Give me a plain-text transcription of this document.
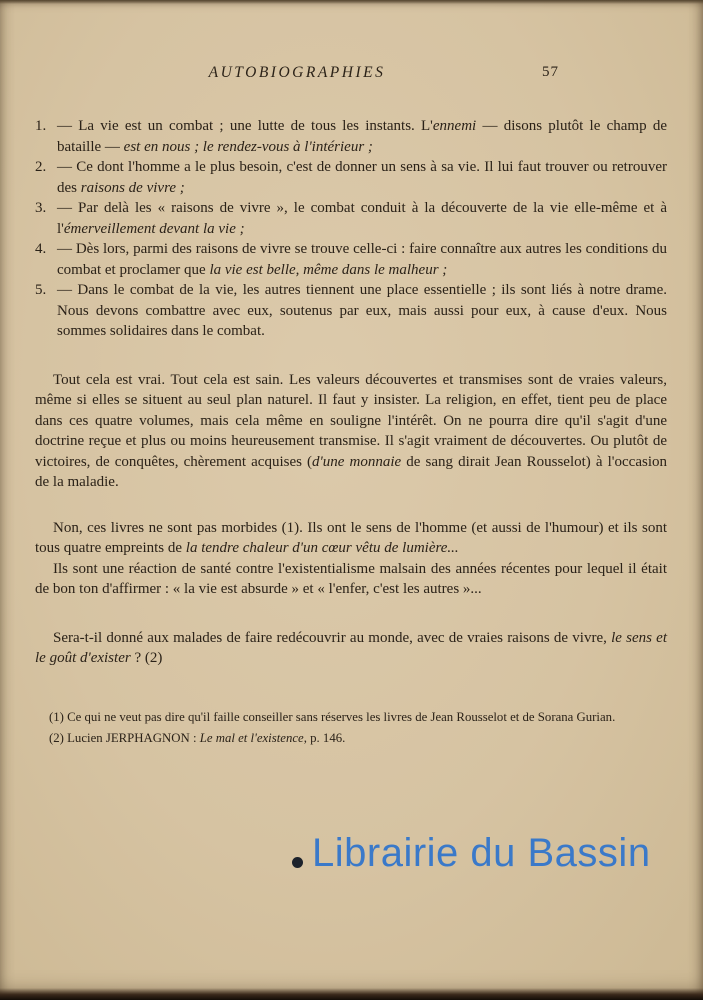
AUTOBIOGRAPHIES	57
1. — La vie est un combat ; une lutte de tous les instants. L'ennemi — disons plutôt le champ de bataille — est en nous ; le rendez-vous à l'intérieur ;
2. — Ce dont l'homme a le plus besoin, c'est de donner un sens à sa vie. Il lui faut trouver ou retrouver des raisons de vivre ;
3. — Par delà les « raisons de vivre », le combat conduit à la découverte de la vie elle-même et à l'émerveillement devant la vie ;
4. — Dès lors, parmi des raisons de vivre se trouve celle-ci : faire connaître aux autres les conditions du combat et proclamer que la vie est belle, même dans le malheur ;
5. — Dans le combat de la vie, les autres tiennent une place essentielle ; ils sont liés à notre drame. Nous devons combattre avec eux, soutenus par eux, mais aussi pour eux, à cause d'eux. Nous sommes solidaires dans le combat.

Tout cela est vrai. Tout cela est sain. Les valeurs découvertes et transmises sont de vraies valeurs, même si elles se situent au seul plan naturel. Il faut y insister. La religion, en effet, tient peu de place dans ces quatre volumes, mais cela même en souligne l'intérêt. On ne pourra dire qu'il s'agit d'une doctrine reçue et plus ou moins heureusement transmise. Il s'agit vraiment de découvertes. Ou plutôt de victoires, de conquêtes, chèrement acquises (d'une monnaie de sang dirait Jean Rousselot) à l'occasion de la maladie.

Non, ces livres ne sont pas morbides (1). Ils ont le sens de l'homme (et aussi de l'humour) et ils sont tous quatre empreints de la tendre chaleur d'un cœur vêtu de lumière...

Ils sont une réaction de santé contre l'existentialisme malsain des années récentes pour lequel il était de bon ton d'affirmer : « la vie est absurde » et « l'enfer, c'est les autres »...

Sera-t-il donné aux malades de faire redécouvrir au monde, avec de vraies raisons de vivre, le sens et le goût d'exister ? (2)

(1) Ce qui ne veut pas dire qu'il faille conseiller sans réserves les livres de Jean Rousselot et de Sorana Gurian.

(2) Lucien JERPHAGNON : Le mal et l'existence, p. 146.

Librairie du Bassin
